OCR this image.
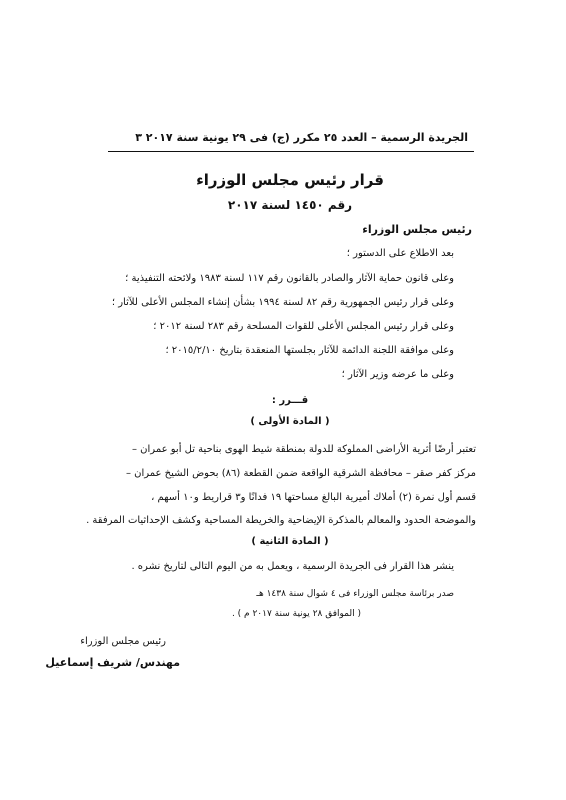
الجريدة الرسمية – العدد ٢٥ مكرر (ج) فى ٢٩ يونية سنة ٢٠١٧ ٣
قرار رئيس مجلس الوزراء
رقم ١٤٥٠ لسنة ٢٠١٧
رئيس مجلس الوزراء
بعد الاطلاع على الدستور ؛
وعلى قانون حماية الآثار والصادر بالقانون رقم ١١٧ لسنة ١٩٨٣ ولائحته التنفيذية ؛
وعلى قرار رئيس الجمهورية رقم ٨٢ لسنة ١٩٩٤ بشأن إنشاء المجلس الأعلى للآثار ؛
وعلى قرار رئيس المجلس الأعلى للقوات المسلحة رقم ٢٨٣ لسنة ٢٠١٢ ؛
وعلى موافقة اللجنة الدائمة للآثار بجلستها المنعقدة بتاريخ ٢٠١٥/٢/١٠ ؛
وعلى ما عرضه وزير الآثار ؛
قـــرر :
( المادة الأولى )
تعتبر أرضًا أثرية الأراضى المملوكة للدولة بمنطقة شيط الهوى بناحية تل أبو عمران –
مركز كفر صقر – محافظة الشرقية الواقعة ضمن القطعة (٨٦) بحوض الشيخ عمران –
قسم أول نمرة (٢) أملاك أميرية البالغ مساحتها ١٩ فدانًا و٣ قراريط و١٠ أسهم ،
والموضحة الحدود والمعالم بالمذكرة الإيضاحية والخريطة المساحية وكشف الإحداثيات المرفقة .
( المادة الثانية )
ينشر هذا القرار فى الجريدة الرسمية ، ويعمل به من اليوم التالى لتاريخ نشره .
صدر برئاسة مجلس الوزراء فى ٤ شوال سنة ١٤٣٨ هـ
( الموافق ٢٨ يونية سنة ٢٠١٧ م ) .
رئيس مجلس الوزراء
مهندس/ شريف إسماعيل
